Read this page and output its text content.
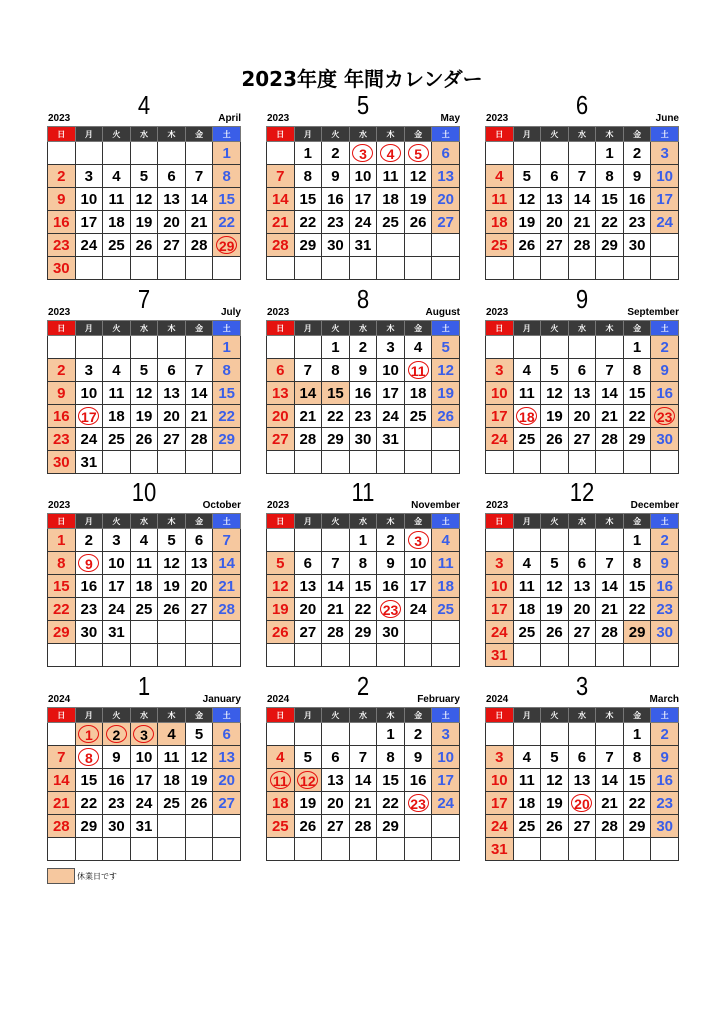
2023年度 年間カレンダー
2023	4	April
日	月	火	水	木	金	土
						1
2	3	4	5	6	7	8
9	10	11	12	13	14	15
16	17	18	19	20	21	22
23	24	25	26	27	28	29
30						
2023	5	May
日	月	火	水	木	金	土
	1	2	3	4	5	6
7	8	9	10	11	12	13
14	15	16	17	18	19	20
21	22	23	24	25	26	27
28	29	30	31			

2023	6	June
日	月	火	水	木	金	土
				1	2	3
4	5	6	7	8	9	10
11	12	13	14	15	16	17
18	19	20	21	22	23	24
25	26	27	28	29	30	

2023	7	July
日	月	火	水	木	金	土
						1
2	3	4	5	6	7	8
9	10	11	12	13	14	15
16	17	18	19	20	21	22
23	24	25	26	27	28	29
30	31					
2023	8	August
日	月	火	水	木	金	土
		1	2	3	4	5
6	7	8	9	10	11	12
13	14	15	16	17	18	19
20	21	22	23	24	25	26
27	28	29	30	31		

2023	9	September
日	月	火	水	木	金	土
					1	2
3	4	5	6	7	8	9
10	11	12	13	14	15	16
17	18	19	20	21	22	23
24	25	26	27	28	29	30

2023	10	October
日	月	火	水	木	金	土
1	2	3	4	5	6	7
8	9	10	11	12	13	14
15	16	17	18	19	20	21
22	23	24	25	26	27	28
29	30	31				

2023	11	November
日	月	火	水	木	金	土
			1	2	3	4
5	6	7	8	9	10	11
12	13	14	15	16	17	18
19	20	21	22	23	24	25
26	27	28	29	30		

2023	12	December
日	月	火	水	木	金	土
					1	2
3	4	5	6	7	8	9
10	11	12	13	14	15	16
17	18	19	20	21	22	23
24	25	26	27	28	29	30
31						
2024	1	January
日	月	火	水	木	金	土
	1	2	3	4	5	6
7	8	9	10	11	12	13
14	15	16	17	18	19	20
21	22	23	24	25	26	27
28	29	30	31			

2024	2	February
日	月	火	水	木	金	土
				1	2	3
4	5	6	7	8	9	10
11	12	13	14	15	16	17
18	19	20	21	22	23	24
25	26	27	28	29		

2024	3	March
日	月	火	水	木	金	土
					1	2
3	4	5	6	7	8	9
10	11	12	13	14	15	16
17	18	19	20	21	22	23
24	25	26	27	28	29	30
31						
休業日です
